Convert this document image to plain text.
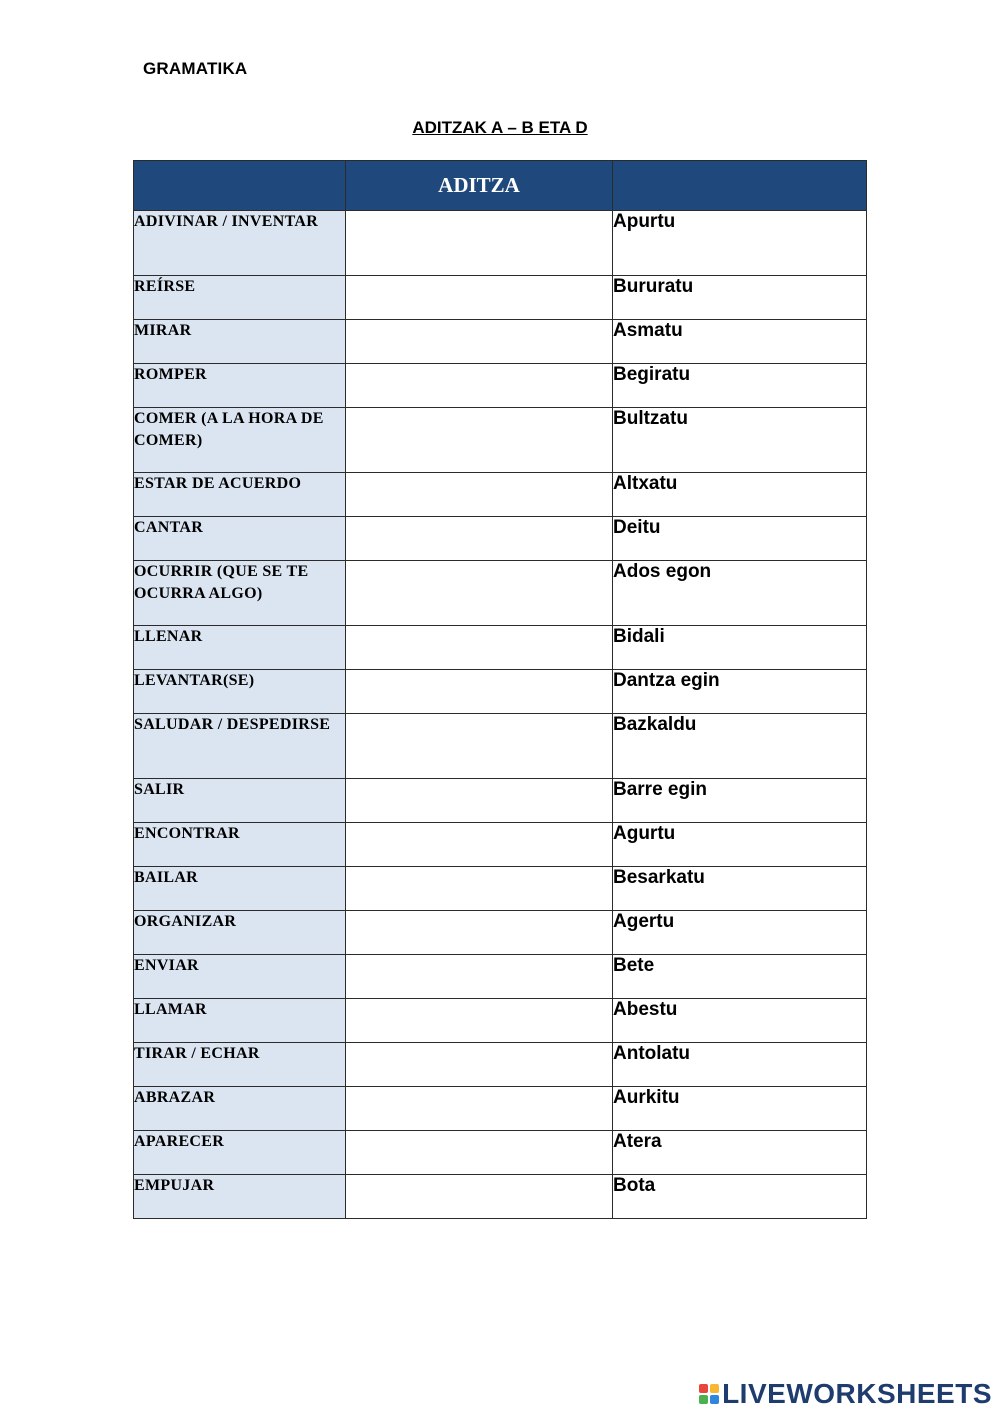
GRAMATIKA
ADITZAK A – B ETA D
	ADITZA	
ADIVINAR / INVENTAR		Apurtu
REÍRSE		Bururatu
MIRAR		Asmatu
ROMPER		Begiratu
COMER (A LA HORA DE COMER)		Bultzatu
ESTAR DE ACUERDO		Altxatu
CANTAR		Deitu
OCURRIR (QUE SE TE OCURRA ALGO)		Ados egon
LLENAR		Bidali
LEVANTAR(SE)		Dantza egin
SALUDAR / DESPEDIRSE		Bazkaldu
SALIR		Barre egin
ENCONTRAR		Agurtu
BAILAR		Besarkatu
ORGANIZAR		Agertu
ENVIAR		Bete
LLAMAR		Abestu
TIRAR / ECHAR		Antolatu
ABRAZAR		Aurkitu
APARECER		Atera
EMPUJAR		Bota
LIVEWORKSHEETS
